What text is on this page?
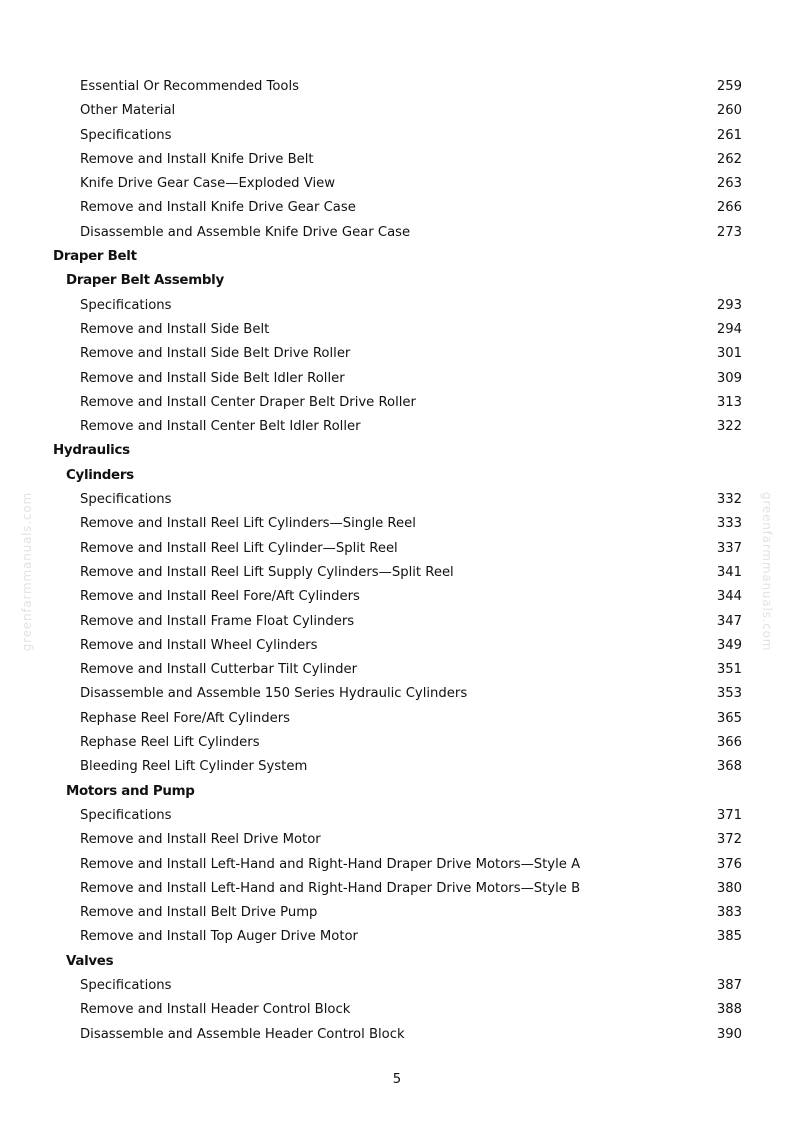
greenfarmmanuals.com	greenfarmmanuals.com
Essential Or Recommended Tools	259
Other Material	260
Specifications	261
Remove and Install Knife Drive Belt	262
Knife Drive Gear Case—Exploded View	263
Remove and Install Knife Drive Gear Case	266
Disassemble and Assemble Knife Drive Gear Case	273
Draper Belt
Draper Belt Assembly
Specifications	293
Remove and Install Side Belt	294
Remove and Install Side Belt Drive Roller	301
Remove and Install Side Belt Idler Roller	309
Remove and Install Center Draper Belt Drive Roller	313
Remove and Install Center Belt Idler Roller	322
Hydraulics
Cylinders
Specifications	332
Remove and Install Reel Lift Cylinders—Single Reel	333
Remove and Install Reel Lift Cylinder—Split Reel	337
Remove and Install Reel Lift Supply Cylinders—Split Reel	341
Remove and Install Reel Fore/Aft Cylinders	344
Remove and Install Frame Float Cylinders	347
Remove and Install Wheel Cylinders	349
Remove and Install Cutterbar Tilt Cylinder	351
Disassemble and Assemble 150 Series Hydraulic Cylinders	353
Rephase Reel Fore/Aft Cylinders	365
Rephase Reel Lift Cylinders	366
Bleeding Reel Lift Cylinder System	368
Motors and Pump
Specifications	371
Remove and Install Reel Drive Motor	372
Remove and Install Left-Hand and Right-Hand Draper Drive Motors—Style A	376
Remove and Install Left-Hand and Right-Hand Draper Drive Motors—Style B	380
Remove and Install Belt Drive Pump	383
Remove and Install Top Auger Drive Motor	385
Valves
Specifications	387
Remove and Install Header Control Block	388
Disassemble and Assemble Header Control Block	390
5
